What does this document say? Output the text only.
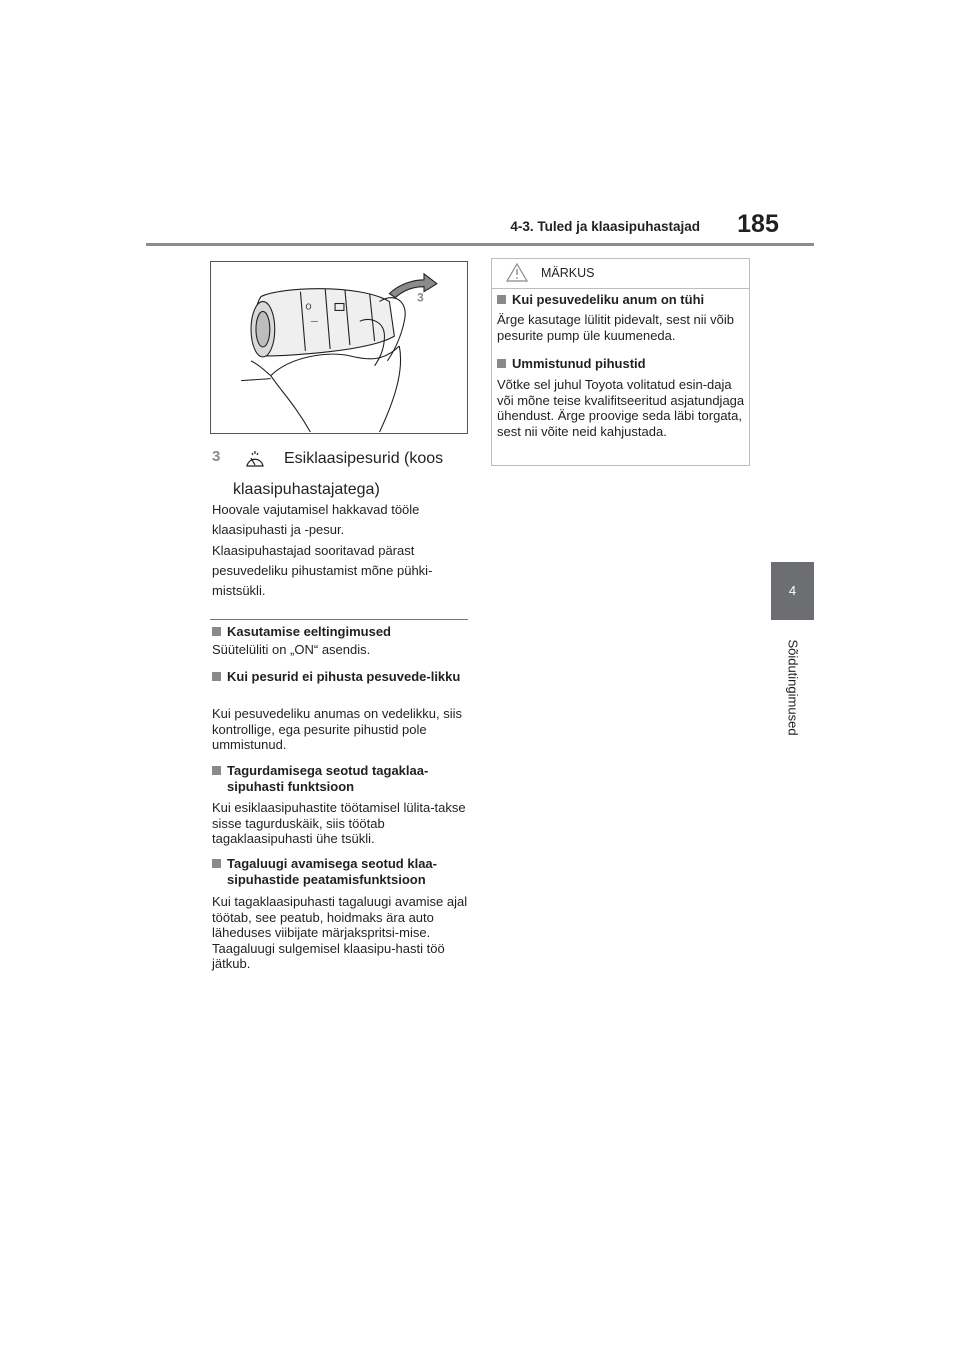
4-3. Tuled ja klaasipuhastajad	185
4
Sõidutingimused
O
—
3
3	Esiklaasipesurid (koos
klaasipuhastajatega)
Hoovale vajutamisel hakkavad tööle klaasipuhasti ja -pesur.
Klaasipuhastajad sooritavad pärast pesuvedeliku pihustamist mõne pühki-mistsükli.
Kasutamise eeltingimused
Süütelüliti on „ON“ asendis.
Kui pesurid ei pihusta pesuvede-likku
Kui pesuvedeliku anumas on vedelikku, siis kontrollige, ega pesurite pihustid pole ummistunud.
Tagurdamisega seotud tagaklaa-sipuhasti funktsioon
Kui esiklaasipuhastite töötamisel lülita-takse sisse tagurduskäik, siis töötab tagaklaasipuhasti ühe tsükli.
Tagaluugi avamisega seotud klaa-sipuhastide peatamisfunktsioon
Kui tagaklaasipuhasti tagaluugi avamise ajal töötab, see peatub, hoidmaks ära auto läheduses viibijate märjakspritsi-mise. Taagaluugi sulgemisel klaasipu-hasti töö jätkub.
MÄRKUS
Kui pesuvedeliku anum on tühi
Ärge kasutage lülitit pidevalt, sest nii võib pesurite pump üle kuumeneda.
Ummistunud pihustid
Võtke sel juhul Toyota volitatud esin-daja või mõne teise kvalifitseeritud asjatundjaga ühendust. Ärge proovige seda läbi torgata, sest nii võite neid kahjustada.
